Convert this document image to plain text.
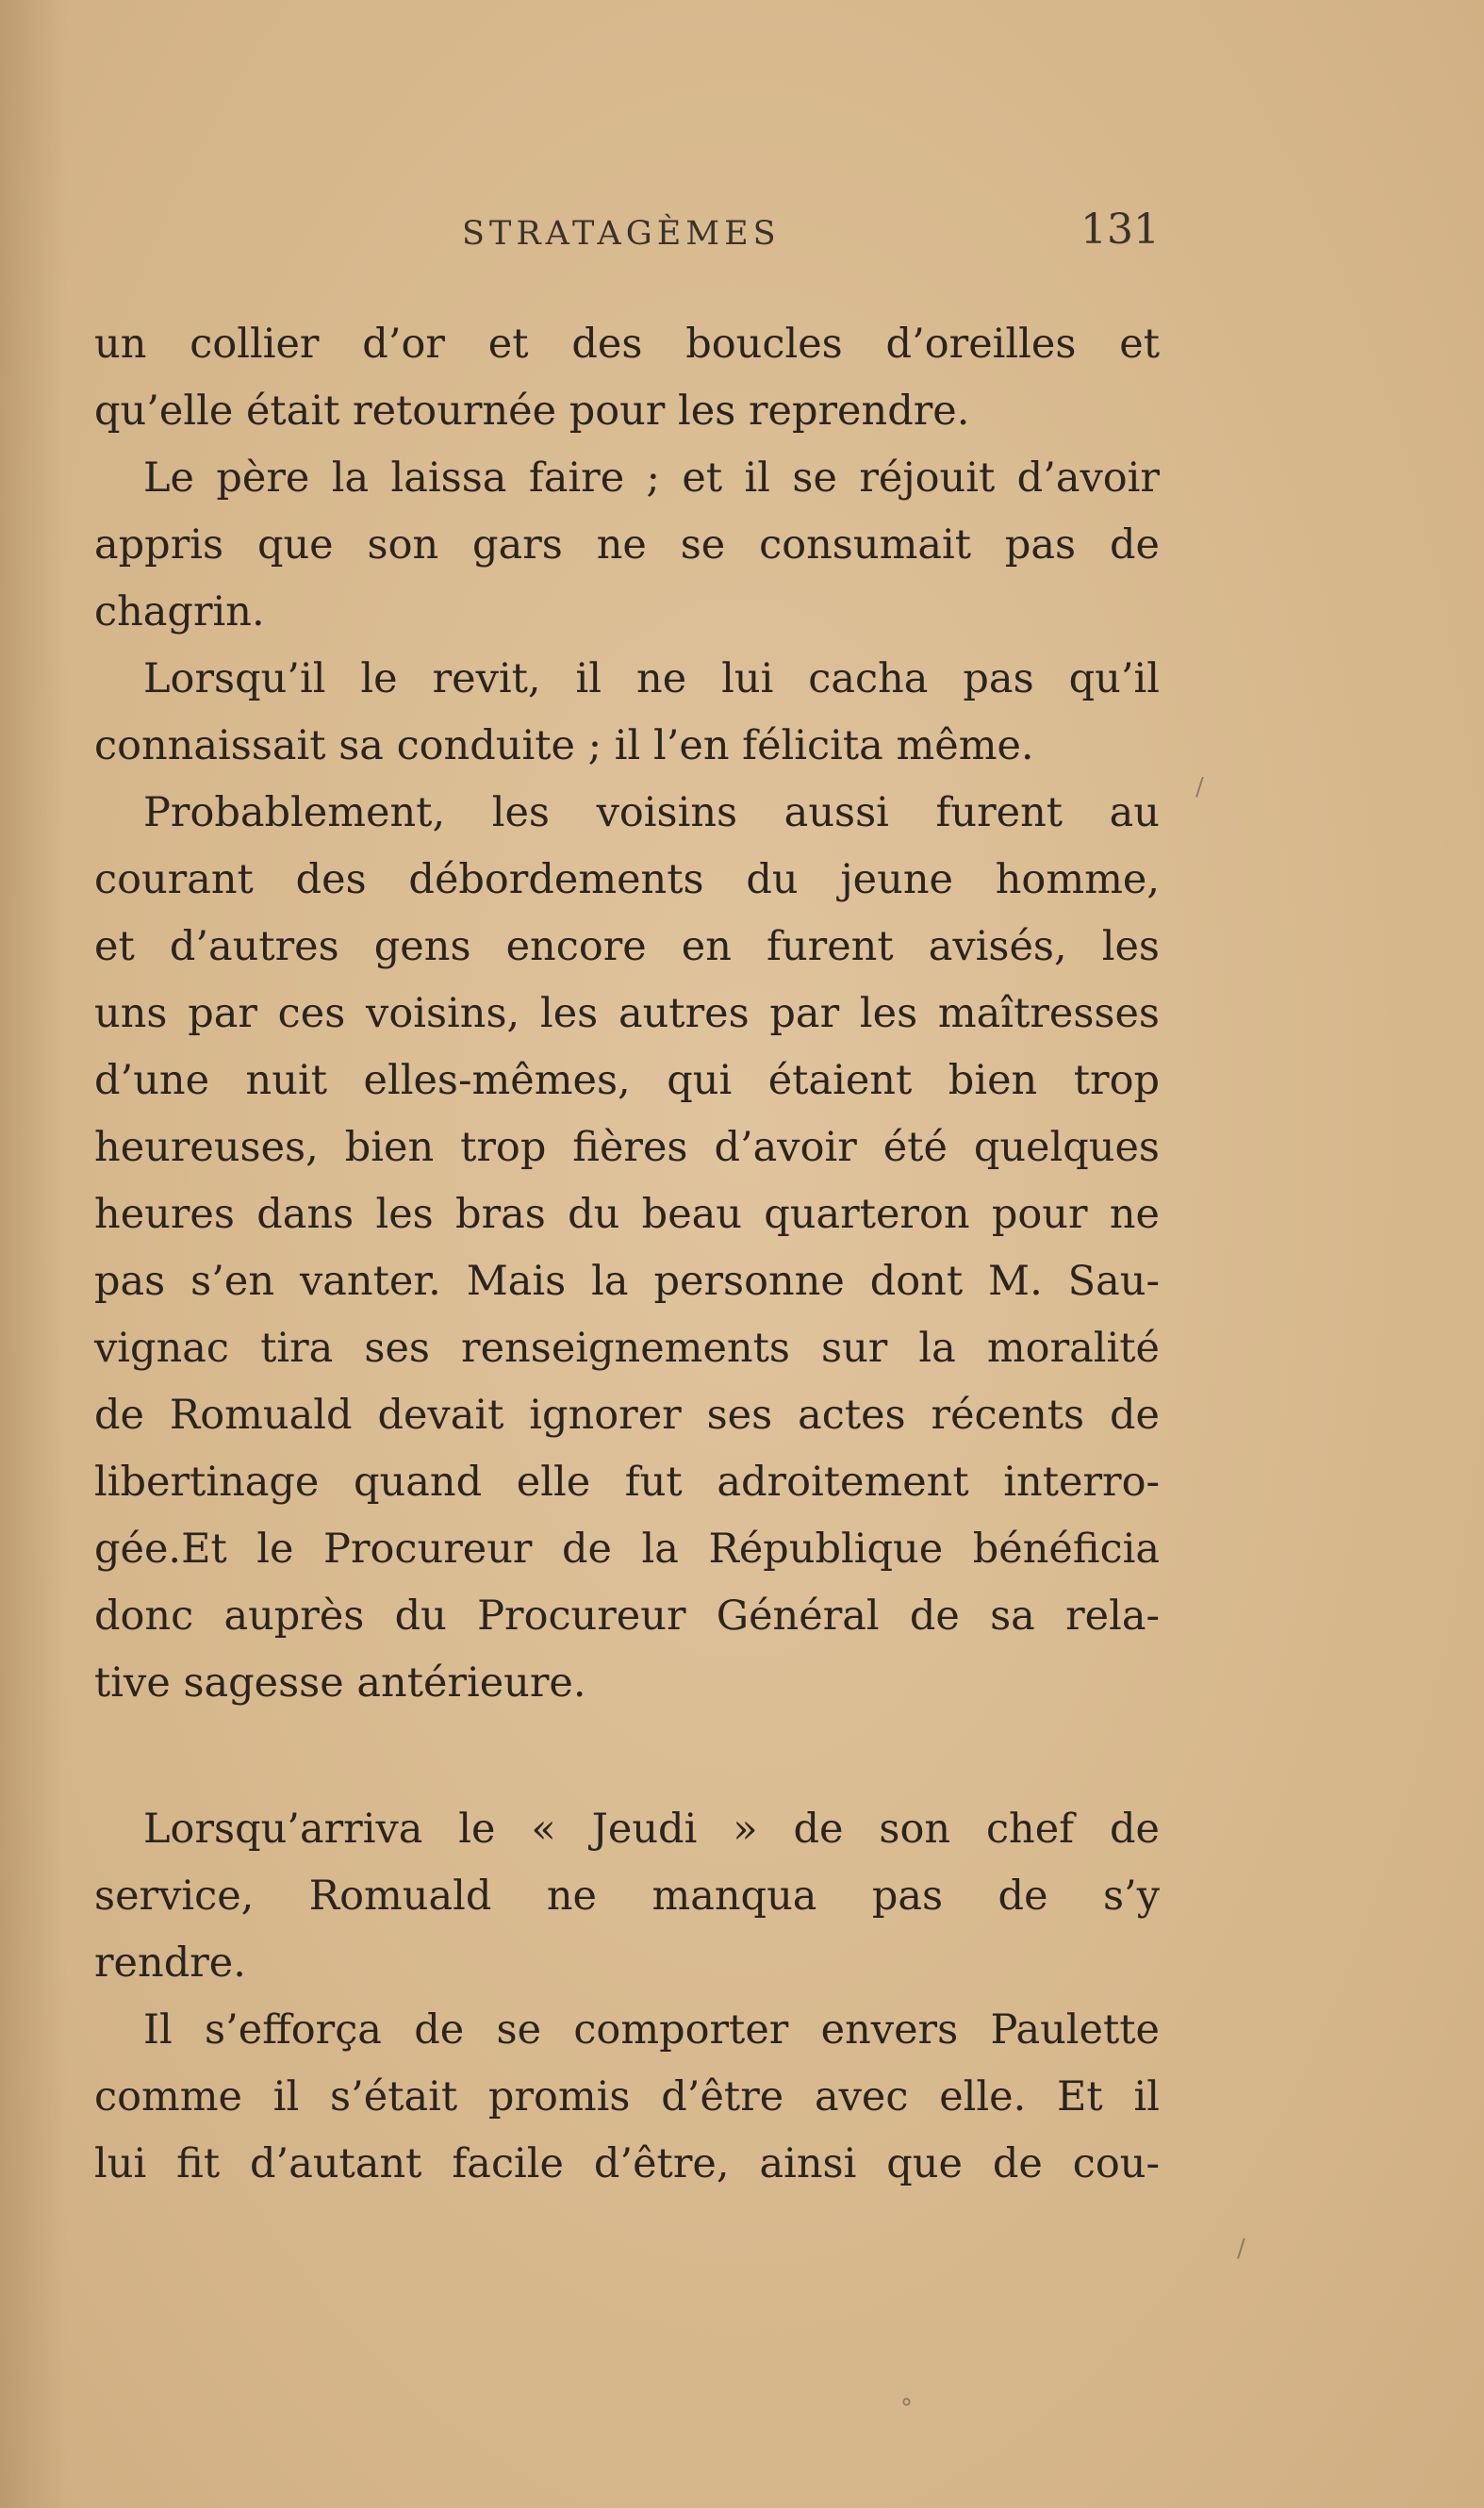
STRATAGÈMES	131
un collier d’or et des boucles d’oreilles et
qu’elle était retournée pour les reprendre.
Le père la laissa faire ; et il se réjouit d’avoir
appris que son gars ne se consumait pas de
chagrin.
Lorsqu’il le revit, il ne lui cacha pas qu’il
connaissait sa conduite ; il l’en félicita même.
Probablement, les voisins aussi furent au
courant des débordements du jeune homme,
et d’autres gens encore en furent avisés, les
uns par ces voisins, les autres par les maîtresses
d’une nuit elles-mêmes, qui étaient bien trop
heureuses, bien trop fières d’avoir été quelques
heures dans les bras du beau quarteron pour ne
pas s’en vanter. Mais la personne dont M. Sau-
vignac tira ses renseignements sur la moralité
de Romuald devait ignorer ses actes récents de
libertinage quand elle fut adroitement interro-
gée.Et le Procureur de la République bénéficia
donc auprès du Procureur Général de sa rela-
tive sagesse antérieure.
Lorsqu’arriva le « Jeudi » de son chef de
service, Romuald ne manqua pas de s’y
rendre.
Il s’efforça de se comporter envers Paulette
comme il s’était promis d’être avec elle. Et il
lui fit d’autant facile d’être, ainsi que de cou-
/
/
°
